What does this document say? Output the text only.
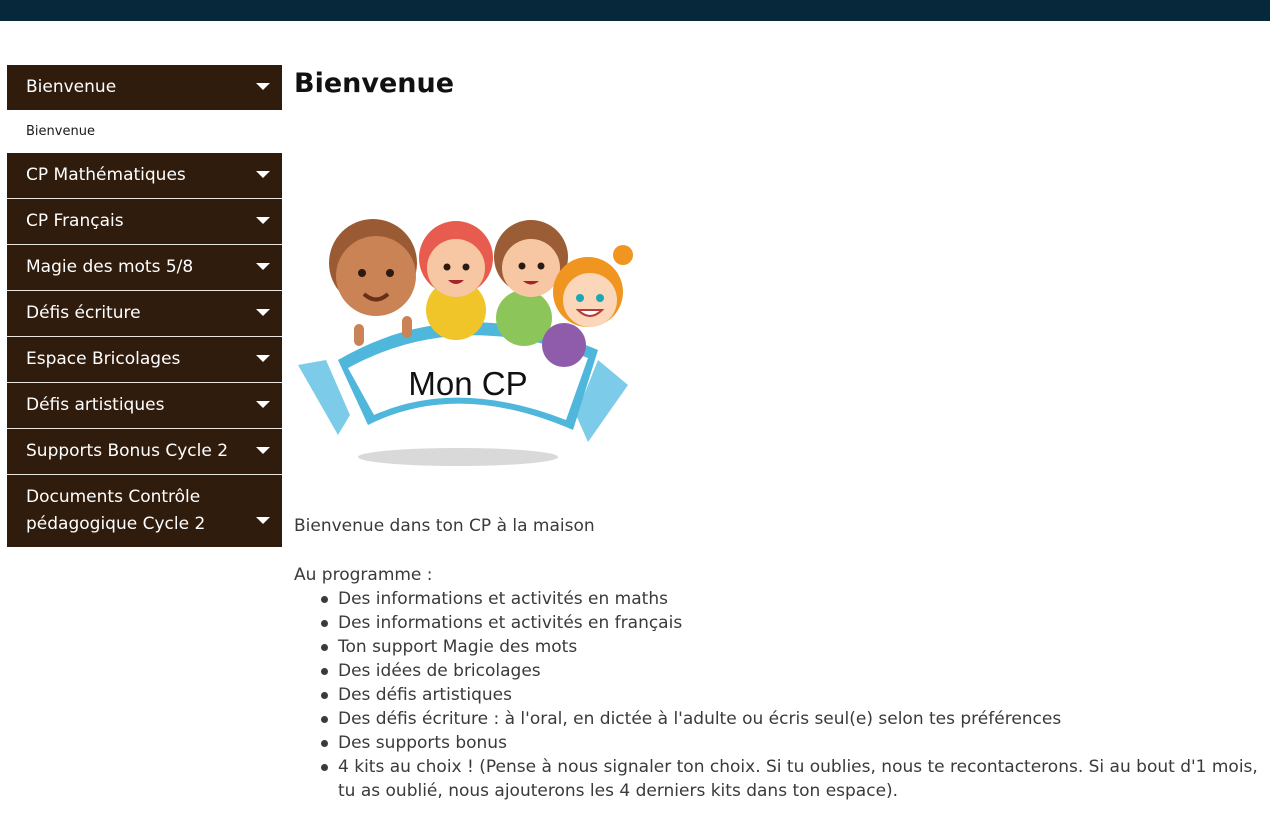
Bienvenue
Bienvenue
CP Mathématiques
CP Français
Magie des mots 5/8
Défis écriture
Espace Bricolages
Défis artistiques
Supports Bonus Cycle 2
Documents Contrôle pédagogique Cycle 2
Bienvenue
Mon CP

Bienvenue dans ton CP à la maison

Au programme :

Des informations et activités en maths
Des informations et activités en français
Ton support Magie des mots
Des idées de bricolages
Des défis artistiques
Des défis écriture : à l'oral, en dictée à l'adulte ou écris seul(e) selon tes préférences
Des supports bonus
4 kits au choix ! (Pense à nous signaler ton choix. Si tu oublies, nous te recontacterons. Si au bout d'1 mois, tu as oublié, nous ajouterons les 4 derniers kits dans ton espace).
